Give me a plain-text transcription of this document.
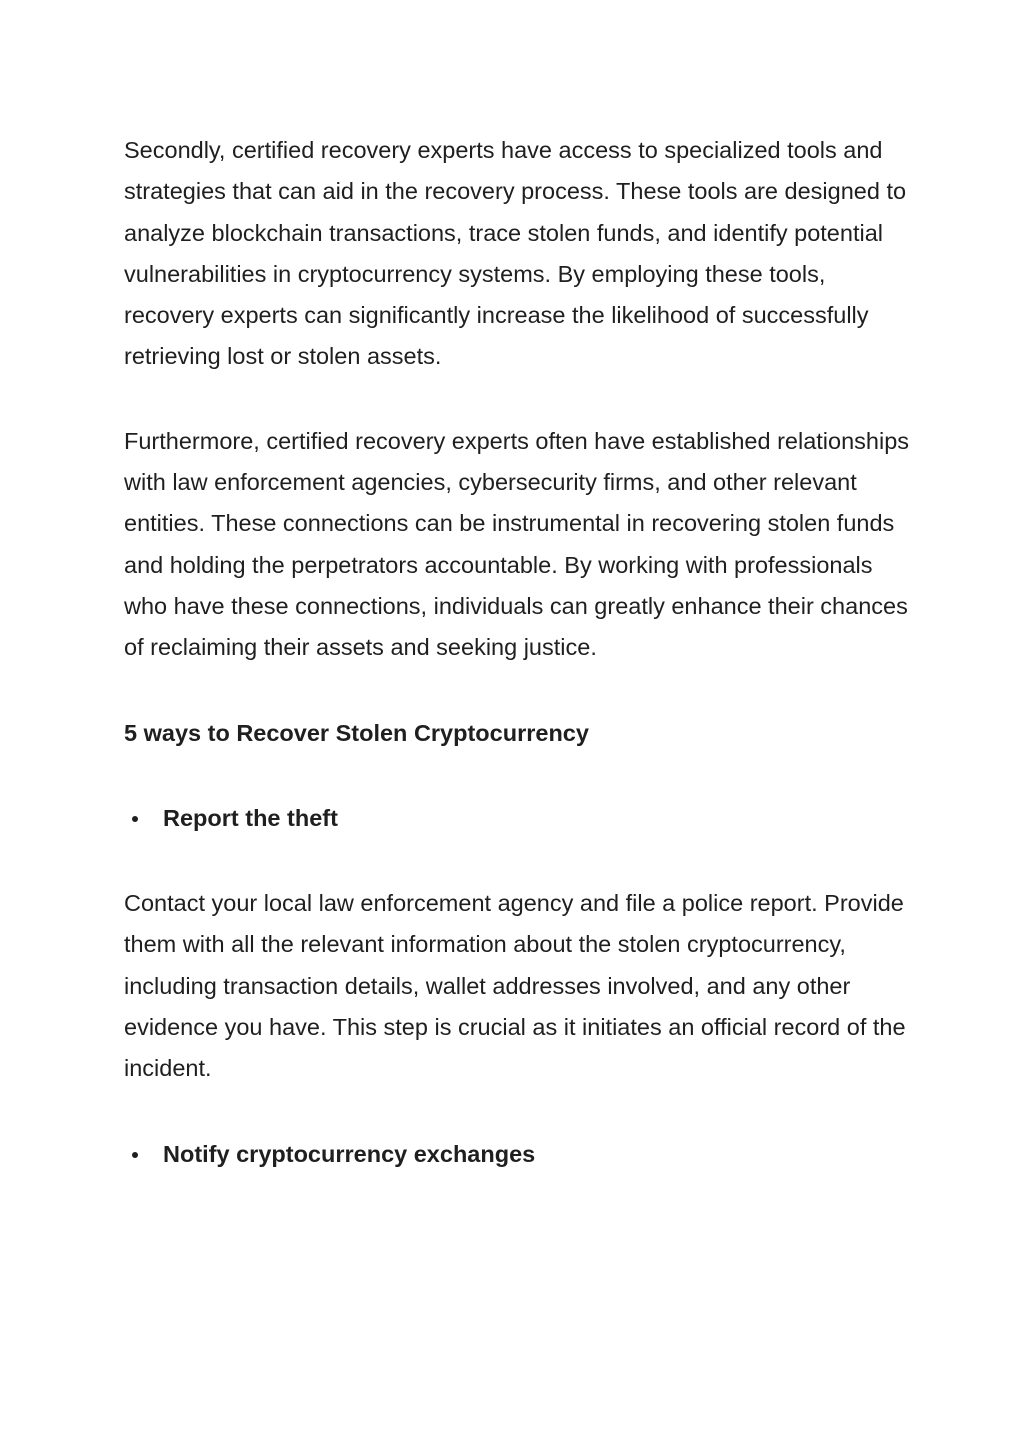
Secondly, certified recovery experts have access to specialized tools and strategies that can aid in the recovery process. These tools are designed to analyze blockchain transactions, trace stolen funds, and identify potential vulnerabilities in cryptocurrency systems. By employing these tools, recovery experts can significantly increase the likelihood of successfully retrieving lost or stolen assets.

Furthermore, certified recovery experts often have established relationships with law enforcement agencies, cybersecurity firms, and other relevant entities. These connections can be instrumental in recovering stolen funds and holding the perpetrators accountable. By working with professionals who have these connections, individuals can greatly enhance their chances of reclaiming their assets and seeking justice.

5 ways to Recover Stolen Cryptocurrency

Report the theft

Contact your local law enforcement agency and file a police report. Provide them with all the relevant information about the stolen cryptocurrency, including transaction details, wallet addresses involved, and any other evidence you have. This step is crucial as it initiates an official record of the incident.

Notify cryptocurrency exchanges
